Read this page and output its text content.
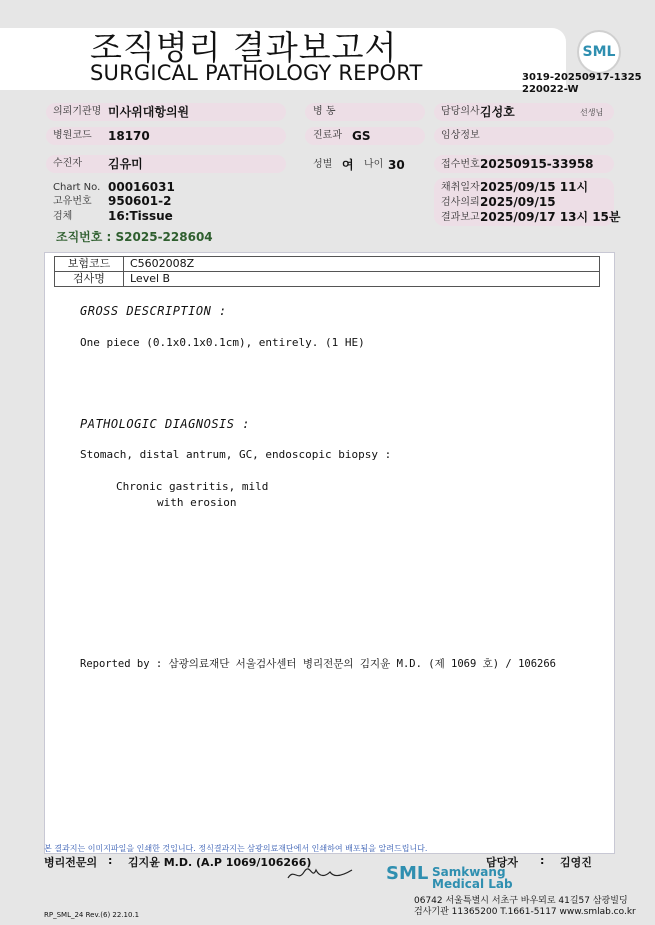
조직병리 결과보고서
SURGICAL PATHOLOGY REPORT
SML
3019-20250917-1325
220022-W
의뢰기관명 미사위대항의원	병 동	담당의사 김성호	선생님
병원코드 18170	진료과 GS	임상정보
수진자 김유미	성별 여 나이 30	접수번호 20250915-33958
Chart No. 00016031
고유번호 950601-2
검체	16:Tissue
채취일자 2025/09/15 11시
검사의뢰 2025/09/15
결과보고 2025/09/17 13시 15분
조직번호 : S2025-228604
보험코드	C5602008Z
검사명	Level B
GROSS DESCRIPTION :
One piece (0.1x0.1x0.1cm), entirely. (1 HE)
PATHOLOGIC DIAGNOSIS :
Stomach, distal antrum, GC, endoscopic biopsy :
Chronic gastritis, mild
with erosion
Reported by : 삼광의료재단 서울검사센터 병리전문의 김지윤 M.D. (제 1069 호) / 106266
본 결과지는 이미지파일을 인쇄한 것입니다. 정식결과지는 삼광의료재단에서 인쇄하여 배포됨을 알려드립니다.
병리전문의 : 김지윤 M.D. (A.P 1069/106266)	담당자 : 김영진
SML Samkwang
Medical Lab
06742 서울특별시 서초구 바우뫼로 41길57 삼광빌딩
검사기관 11365200 T.1661-5117 www.smlab.co.kr
RP_SML_24 Rev.(6) 22.10.1
